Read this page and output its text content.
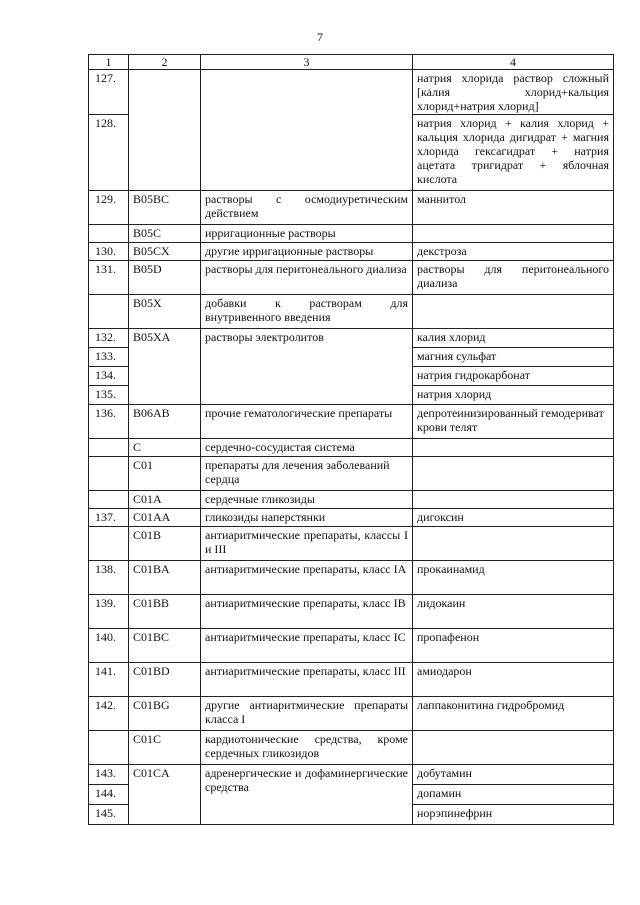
7
1	2	3	4
127.			натрия хлорида раствор сложный [калия хлорид+кальция хлорид+натрия хлорид]
128.			натрия хлорид + калия хлорид + кальция хлорида дигидрат + магния хлорида гексагидрат + натрия ацетата тригидрат + яблочная кислота
129.	B05BC	растворы с осмодиуретическим действием	маннитол
	B05C	ирригационные растворы	
130.	B05CX	другие ирригационные растворы	декстроза
131.	B05D	растворы для перитонеального диализа	растворы для перитонеального диализа
	B05X	добавки к растворам для внутривенного введения	
132.	B05XA	растворы электролитов	калия хлорид
133.			магния сульфат
134.			натрия гидрокарбонат
135.			натрия хлорид
136.	B06AB	прочие гематологические препараты	депротеинизированный гемодериват крови телят
	C	сердечно-сосудистая система	
	C01	препараты для лечения заболеваний сердца	
	C01A	сердечные гликозиды	
137.	C01AA	гликозиды наперстянки	дигоксин
	C01B	антиаритмические препараты, классы I и III	
138.	C01BA	антиаритмические препараты, класс IA	прокаинамид
139.	C01BB	антиаритмические препараты, класс IB	лидокаин
140.	C01BC	антиаритмические препараты, класс IC	пропафенон
141.	C01BD	антиаритмические препараты, класс III	амиодарон
142.	C01BG	другие антиаритмические препараты класса I	лаппаконитина гидробромид
	C01C	кардиотонические средства, кроме сердечных гликозидов	
143.	C01CA	адренергические и дофаминергические средства	добутамин
144.			допамин
145.			норэпинефрин
